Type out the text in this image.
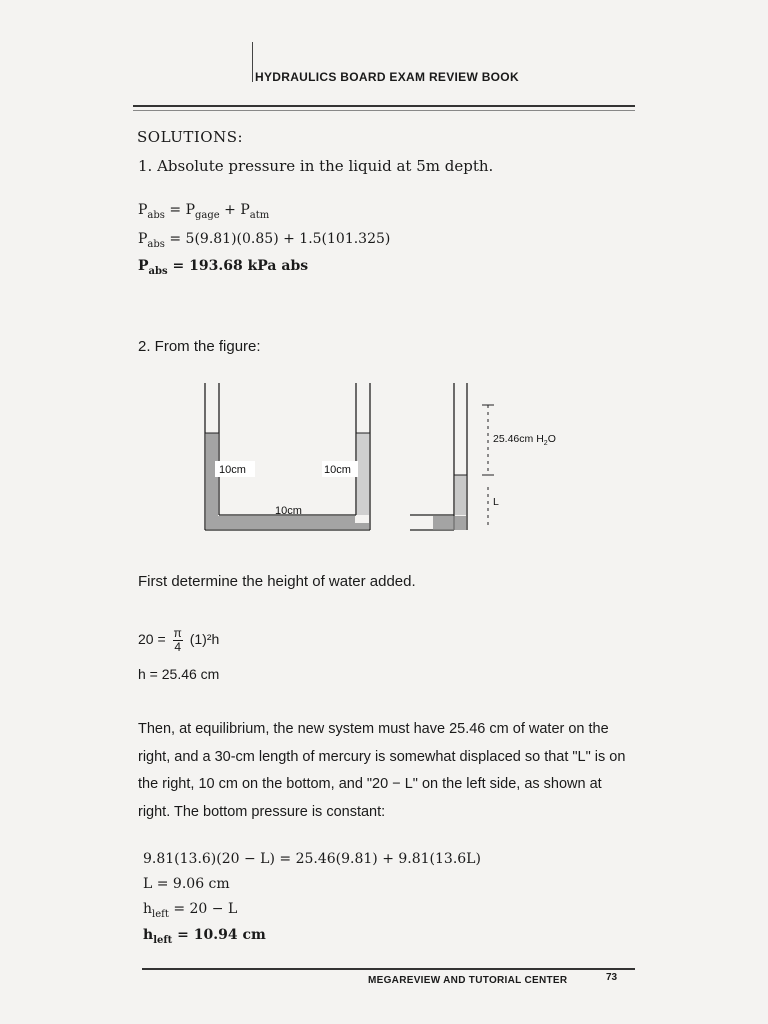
HYDRAULICS BOARD EXAM REVIEW BOOK
SOLUTIONS:
1. Absolute pressure in the liquid at 5m depth.
$P_{abs} = P_{gage} + P_{atm}$
$P_{abs} = 5(9.81)(0.85) + 1.5(101.325)$
$P_{abs} = 193.68$ kPa abs
2. From the figure:
10cm	10cm
10cm
25.46cm $H_2O$
L
First determine the height of water added.
$20 = \frac{\pi}{4} (1)^2h$
h = 25.46 cm
Then, at equilibrium, the new system must have 25.46 cm of water on the right, and a 30-cm length of mercury is somewhat displaced so that "L" is on the right, 10 cm on the bottom, and "20 − L" on the left side, as shown at right. The bottom pressure is constant:
9.81(13.6)(20 − L) = 25.46(9.81) + 9.81(13.6L)
L = 9.06 cm
$h_{left} = 20 - L$
$h_{left} = 10.94$ cm
MEGAREVIEW AND TUTORIAL CENTER	73
